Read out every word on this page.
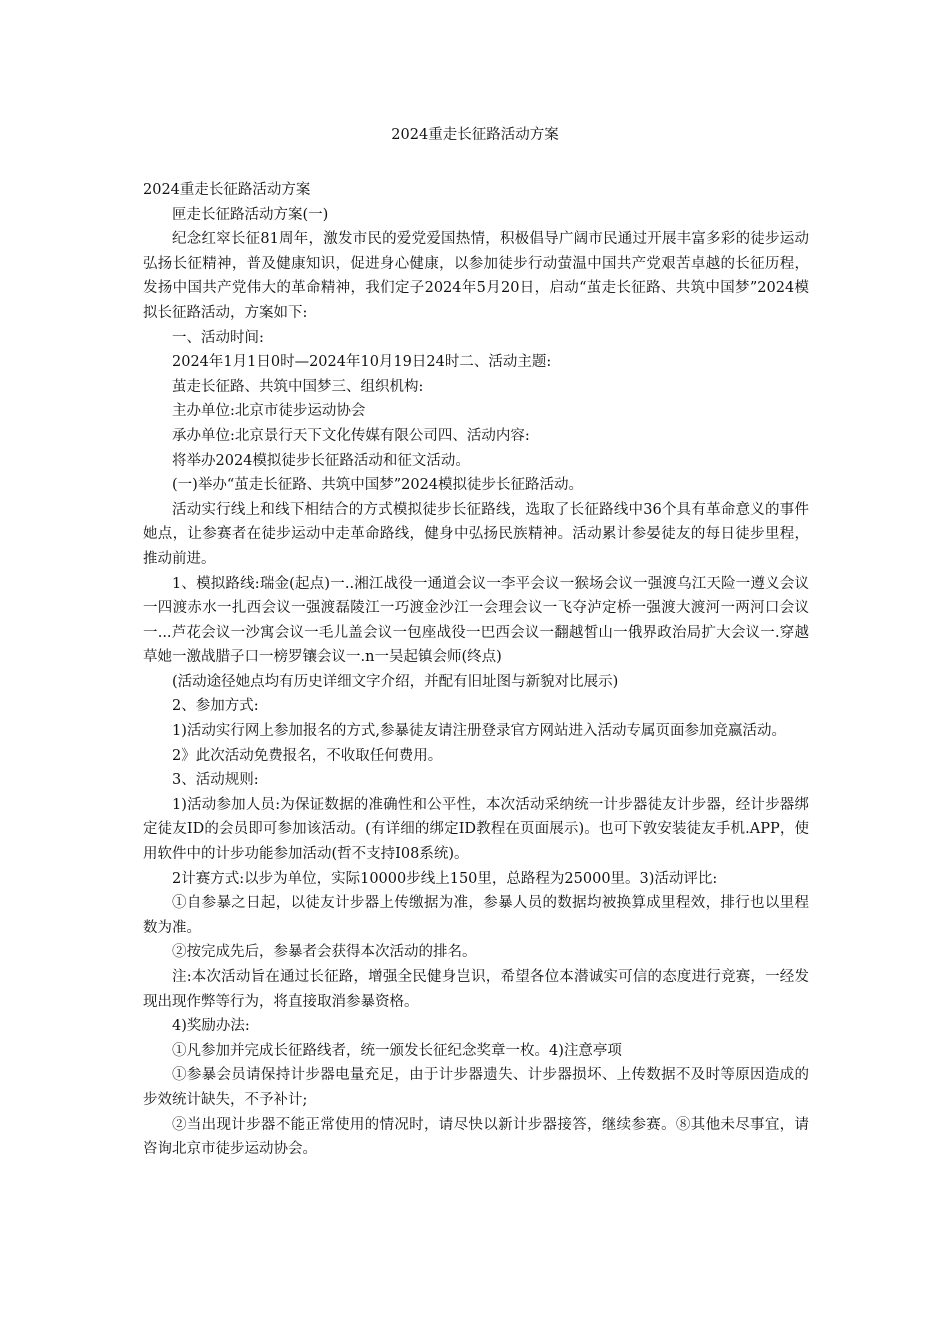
2024重走长征路活动方案

2024重走长征路活动方案

匣走长征路活动方案(一)

纪念红窣长征81周年，激发市民的爱党爱国热情，积极倡导广阔市民通过开展丰富多彩的徒步运动弘扬长征精神，普及健康知识，促进身心健康，以参加徒步行动萤温中国共产党艰苦卓越的长征历程，发扬中国共产党伟大的革命精神，我们定子2024年5月20日，启动“茧走长征路、共筑中国梦”2024模拟长征路活动，方案如下:

一、活动时间:

2024年1月1日0时—2024年10月19日24时二、活动主题:

茧走长征路、共筑中国梦三、组织机构:

主办单位:北京市徒步运动协会

承办单位:北京景行天下文化传媒有限公司四、活动内容:

将举办2024模拟徒步长征路活动和征文活动。

(一)举办“茧走长征路、共筑中国梦”2024模拟徒步长征路活动。

活动实行线上和线下相结合的方式模拟徒步长征路线，选取了长征路线中36个具有革命意义的事件她点，让参赛者在徒步运动中走革命路线，健身中弘扬民族精神。活动累计参晏徒友的每日徒步里程，推动前进。

1、模拟路线:瑞金(起点)一..湘江战役一通道会议一李平会议一猴场会议一强渡乌江天险一遵义会议一四渡赤水一扎西会议一强渡磊陵江一巧渡金沙江一会理会议一飞夺泸定桥一强渡大渡河一两河口会议一...芦花会议一沙寓会议一毛儿盖会议一包座战役一巴西会议一翻越皙山一俄界政治局扩大会议一.穿越草她一激战腊子口一榜罗镶会议一.n一吴起镇会师(终点)

(活动途径她点均有历史详细文字介绍，并配有旧址图与新貌对比展示)

2、参加方式:

1)活动实行网上参加报名的方式,参暴徒友请注册登录官方网站进入活动专属页面参加竞嬴活动。

2》此次活动免费报名，不收取任何费用。

3、活动规则:

1)活动参加人员:为保证数据的准确性和公平性，本次活动采纳统一计步器徒友计步器，经计步器绑定徒友ID的会员即可参加该活动。(有详细的绑定ID教程在页面展示)。也可下敦安装徒友手机.APP，使用软件中的计步功能参加活动(哲不支持I08系统)。

2计赛方式:以步为单位，实际10000步线上150里，总路程为25000里。3)活动评比:

①自参暴之日起，以徒友计步器上传缴据为准，参暴人员的数据均被换算成里程效，排行也以里程数为准。

②按完成先后，参暴者会获得本次活动的排名。

注:本次活动旨在通过长征路，增强全民健身岂识，希望各位本潜诚实可信的态度进行竞赛，一经发现出现作弊等行为，将直接取消参暴资格。

4)奖励办法:

①凡参加并完成长征路线者，统一颁发长征纪念奖章一枚。4)注意亭项

①参暴会员请保持计步器电量充足，由于计步器遗失、计步器损坏、上传数据不及时等原因造成的步效统计缺失，不予补计;

②当出现计步器不能正常使用的情况时，请尽快以新计步器接答，继续参赛。⑧其他未尽事宜，请咨询北京市徒步运动协会。
